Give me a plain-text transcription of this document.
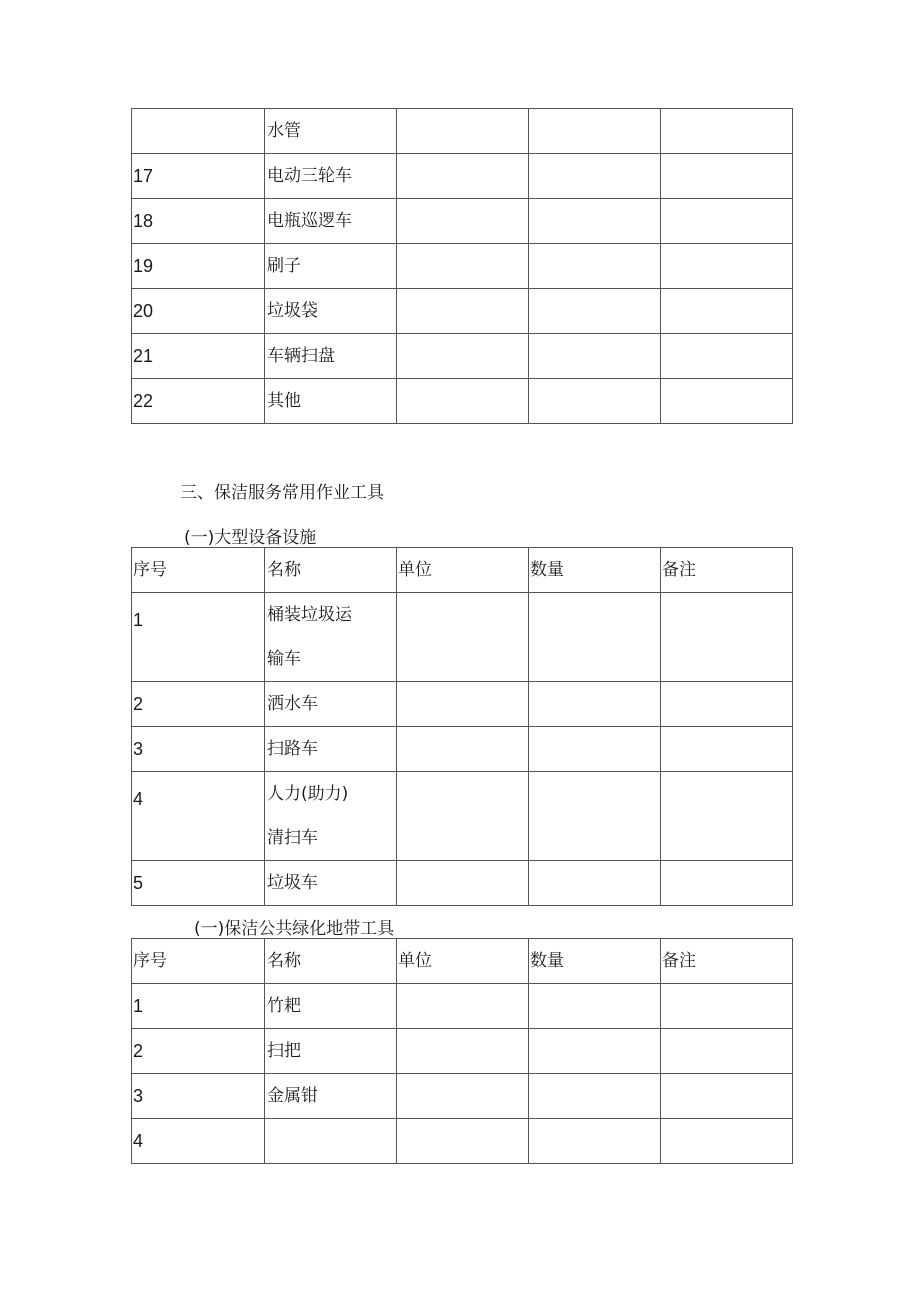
	水管			
17	电动三轮车			
18	电瓶巡逻车			
19	刷子			
20	垃圾袋			
21	车辆扫盘			
22	其他			
三、保洁服务常用作业工具
(一)大型设备设施
序号	名称	单位	数量	备注
1	桶装垃圾运
输车			

2	洒水车			
3	扫路车			
4	人力(助力)
清扫车			

5	垃圾车			
(一)保洁公共绿化地带工具
序号	名称	单位	数量	备注
1	竹耙			
2	扫把			
3	金属钳			
4				
